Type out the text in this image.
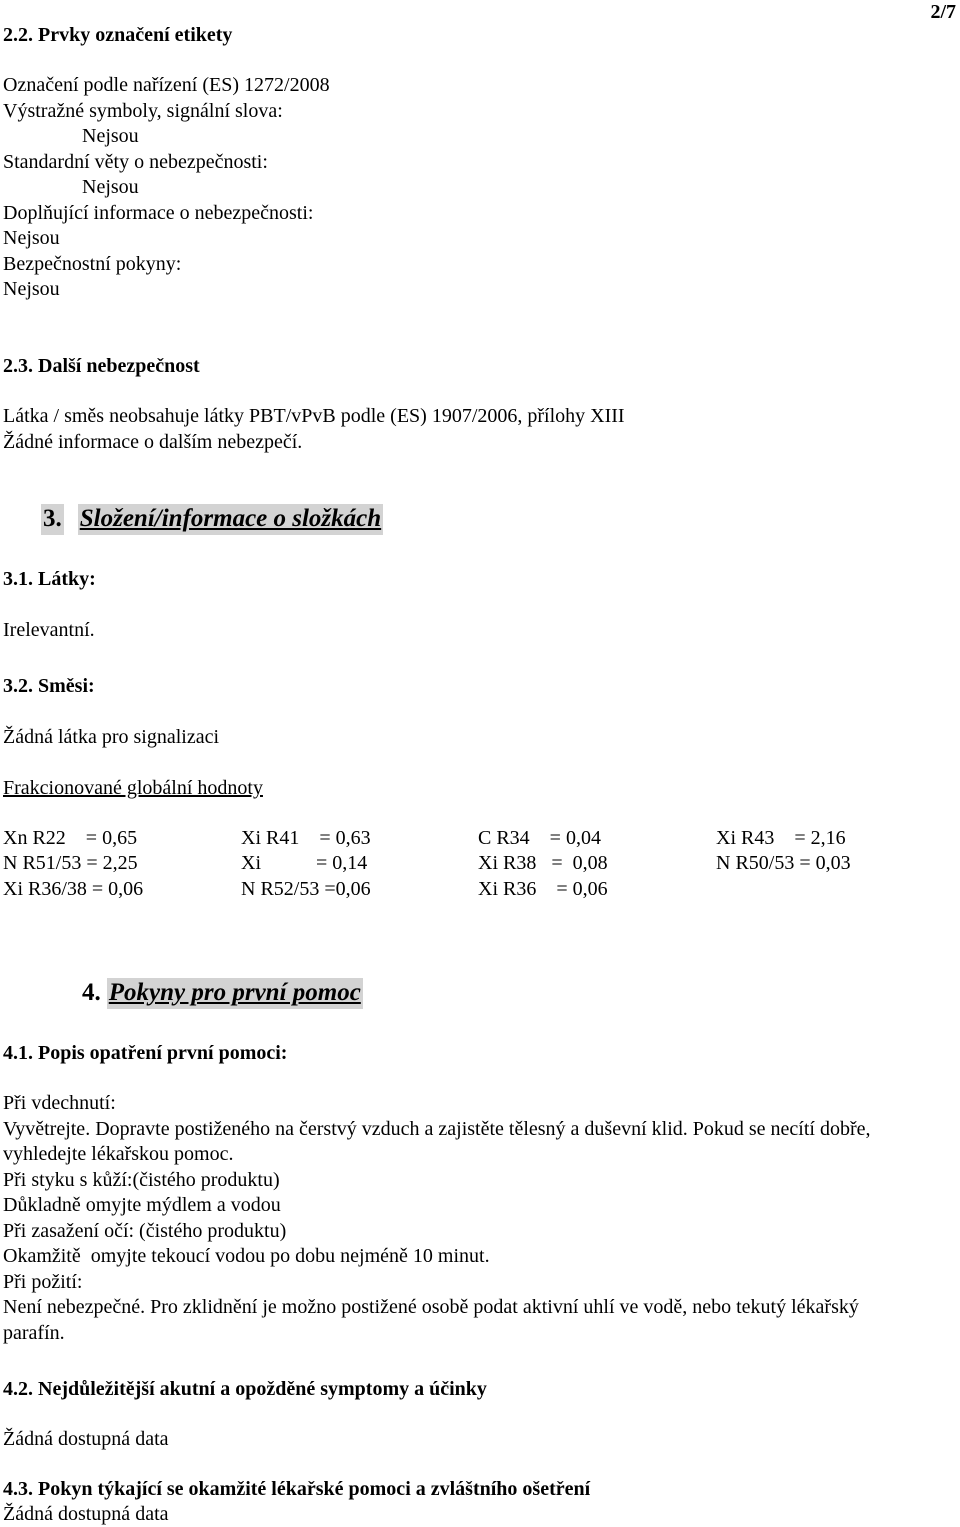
2/7
2.2. Prvky označení etikety
Označení podle nařízení (ES) 1272/2008
Výstražné symboly, signální slova:
Nejsou
Standardní věty o nebezpečnosti:
Nejsou
Doplňující informace o nebezpečnosti:
Nejsou
Bezpečnostní pokyny:
Nejsou
2.3. Další nebezpečnost
Látka / směs neobsahuje látky PBT/vPvB podle (ES) 1907/2006, přílohy XIII
Žádné informace o dalším nebezpečí.
3. Složení/informace o složkách
3.1. Látky:
Irelevantní.
3.2. Směsi:
Žádná látka pro signalizaci
Frakcionované globální hodnoty
Xn R22    = 0,65	Xi R41    = 0,63	C R34    = 0,04	Xi R43    = 2,16
N R51/53 = 2,25	Xi           = 0,14	Xi R38   =  0,08	N R50/53 = 0,03
Xi R36/38 = 0,06	N R52/53 =0,06	Xi R36    = 0,06
4. Pokyny pro první pomoc
4.1. Popis opatření první pomoci:
Při vdechnutí:
Vyvětrejte. Dopravte postiženého na čerstvý vzduch a zajistěte tělesný a duševní klid. Pokud se necítí dobře,
vyhledejte lékařskou pomoc.
Při styku s kůží:(čistého produktu)
Důkladně omyjte mýdlem a vodou
Při zasažení očí: (čistého produktu)
Okamžitě  omyjte tekoucí vodou po dobu nejméně 10 minut.
Při požití:
Není nebezpečné. Pro zklidnění je možno postižené osobě podat aktivní uhlí ve vodě, nebo tekutý lékařský
parafín.
4.2. Nejdůležitější akutní a opožděné symptomy a účinky
Žádná dostupná data
4.3. Pokyn týkající se okamžité lékařské pomoci a zvláštního ošetření
Žádná dostupná data
